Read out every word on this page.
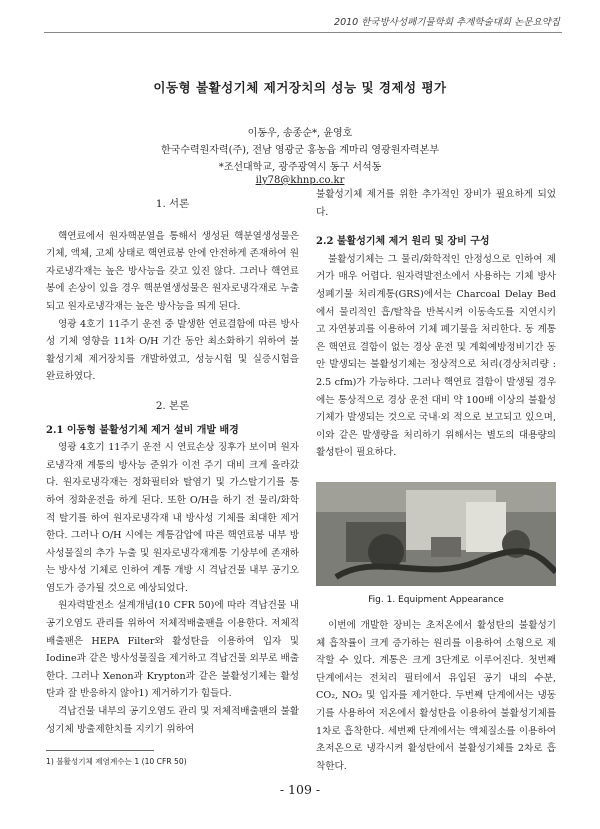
2010 한국방사성폐기물학회 추계학술대회 논문요약집
이동형 불활성기체 제거장치의 성능 및 경제성 평가
이동우, 송종순*, 윤영호
한국수력원자력(주), 전남 영광군 홍농읍 계마리 영광원자력본부
*조선대학교, 광주광역시 동구 서석동
ily78@khnp.co.kr

1. 서론

핵연료에서 원자핵분열을 통해서 생성된 핵분열생성물은 기체, 액체, 고체 상태로 핵연료봉 안에 안전하게 존재하여 원자로냉각재는 높은 방사능을 갖고 있진 않다. 그러나 핵연료봉에 손상이 있을 경우 핵분열생성물은 원자로냉각재로 누출되고 원자로냉각재는 높은 방사능을 띄게 된다.

영광 4호기 11주기 운전 중 발생한 연료결함에 따른 방사성 기체 영향을 11차 O/H 기간 동안 최소화하기 위하여 불활성기체 제거장치를 개발하였고, 성능시험 및 실증시험을 완료하였다.

2. 본론

2.1 이동형 불활성기체 제거 설비 개발 배경

영광 4호기 11주기 운전 시 연료손상 징후가 보이며 원자로냉각재 계통의 방사능 준위가 이전 주기 대비 크게 올라갔다. 원자로냉각재는 정화필터와 탈염기 및 가스탈기기를 통하여 정화운전을 하게 된다. 또한 O/H을 하기 전 물리/화학적 탈기를 하여 원자로냉각재 내 방사성 기체를 최대한 제거한다. 그러나 O/H 시에는 계통감압에 따른 핵연료봉 내부 방사성물질의 추가 누출 및 원자로냉각재계통 기상부에 존재하는 방사성 기체로 인하여 계통 개방 시 격납건물 내부 공기오염도가 증가될 것으로 예상되었다.

원자력발전소 설계개념(10 CFR 50)에 따라 격납건물 내 공기오염도 관리를 위하여 저체적배출팬을 이용한다. 저체적배출팬은 HEPA Filter와 활성탄을 이용하여 입자 및 Iodine과 같은 방사성물질을 제거하고 격납건물 외부로 배출한다. 그러나 Xenon과 Krypton과 같은 불활성기체는 활성탄과 잘 반응하지 않아1) 제거하기가 힘들다.

격납건물 내부의 공기오염도 관리 및 저체적배출팬의 불활성기체 방출제한치를 지키기 위하여

불활성기체 제거를 위한 추가적인 장비가 필요하게 되었다.

2.2 불활성기체 제거 원리 및 장비 구성

불활성기체는 그 물리/화학적인 안정성으로 인하여 제거가 매우 어렵다. 원자력발전소에서 사용하는 기체 방사성폐기물 처리계통(GRS)에서는 Charcoal Delay Bed에서 물리적인 흡/탈착을 반복시켜 이동속도를 지연시키고 자연붕괴를 이용하여 기체 폐기물을 처리한다. 동 계통은 핵연료 결함이 없는 경상 운전 및 계획예방정비기간 동안 발생되는 불활성기체는 정상적으로 처리(경상처리량 : 2.5 cfm)가 가능하다. 그러나 핵연료 결함이 발생될 경우에는 통상적으로 경상 운전 대비 약 100배 이상의 불활성기체가 발생되는 것으로 국내·외 적으로 보고되고 있으며, 이와 같은 발생량을 처리하기 위해서는 별도의 대용량의 활성탄이 필요하다.

Fig. 1. Equipment Appearance

이번에 개발한 장비는 초저온에서 활성탄의 불활성기체 흡착률이 크게 증가하는 원리를 이용하여 소형으로 제작할 수 있다. 계통은 크게 3단계로 이루어진다. 첫번째 단계에서는 전처리 필터에서 유입된 공기 내의 수분, CO₂, NO₂ 및 입자를 제거한다. 두번째 단계에서는 냉동기를 사용하여 저온에서 활성탄을 이용하여 불활성기체를 1차로 흡착한다. 세번째 단계에서는 액체질소를 이용하여 초저온으로 냉각시켜 활성탄에서 불활성기체를 2차로 흡착한다.

1) 불활성기체 제염계수는 1 (10 CFR 50)
- 109 -
